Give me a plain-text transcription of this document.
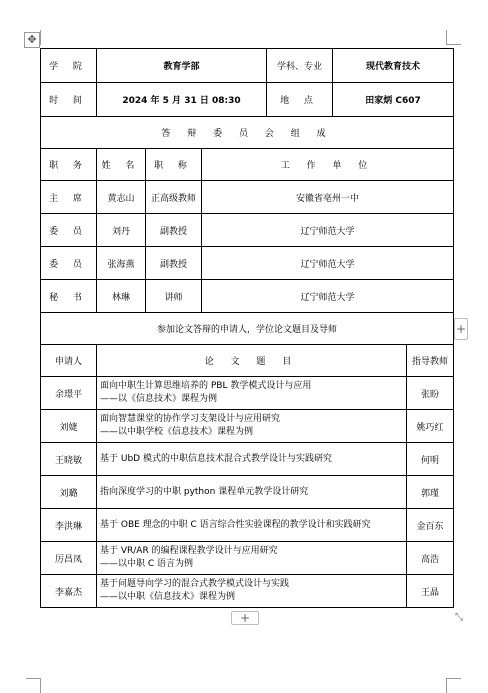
✥
+
+	⤡
学 院	教育学部			学科、专业	现代教育技术	
时 间	2024 年 5 月 31 日 08:30			地 点	田家炳 C607	
答 辩 委 员 会 组 成						
职 务	姓 名	职 称	工 作 单 位			
主 席	黄志山	正高级教师	安徽省亳州一中			
委 员	刘丹	副教授	辽宁师范大学			
委 员	张海燕	副教授	辽宁师范大学			
秘 书	林琳	讲师	辽宁师范大学			
参加论文答辩的申请人，学位论文题目及导师						
申请人	论 文 题 目					指导教师
余璟平	面向中职生计算思维培养的 PBL 教学模式设计与应用
——以《信息技术》课程为例					张盼
刘婕	面向智慧课堂的协作学习支架设计与应用研究
——以中职学校《信息技术》课程为例					姚巧红
王晓敏	基于 UbD 模式的中职信息技术混合式教学设计与实践研究					何明
刘璐	指向深度学习的中职 python 课程单元教学设计研究					郭瑾
李洪琳	基于 OBE 理念的中职 C 语言综合性实验课程的教学设计和实践研究					金百东
厉昌凤	基于 VR/AR 的编程课程教学设计与应用研究
——以中职 C 语言为例					高浩
李嘉杰	基于问题导向学习的混合式教学模式设计与实践
——以中职《信息技术》课程为例					王晶
